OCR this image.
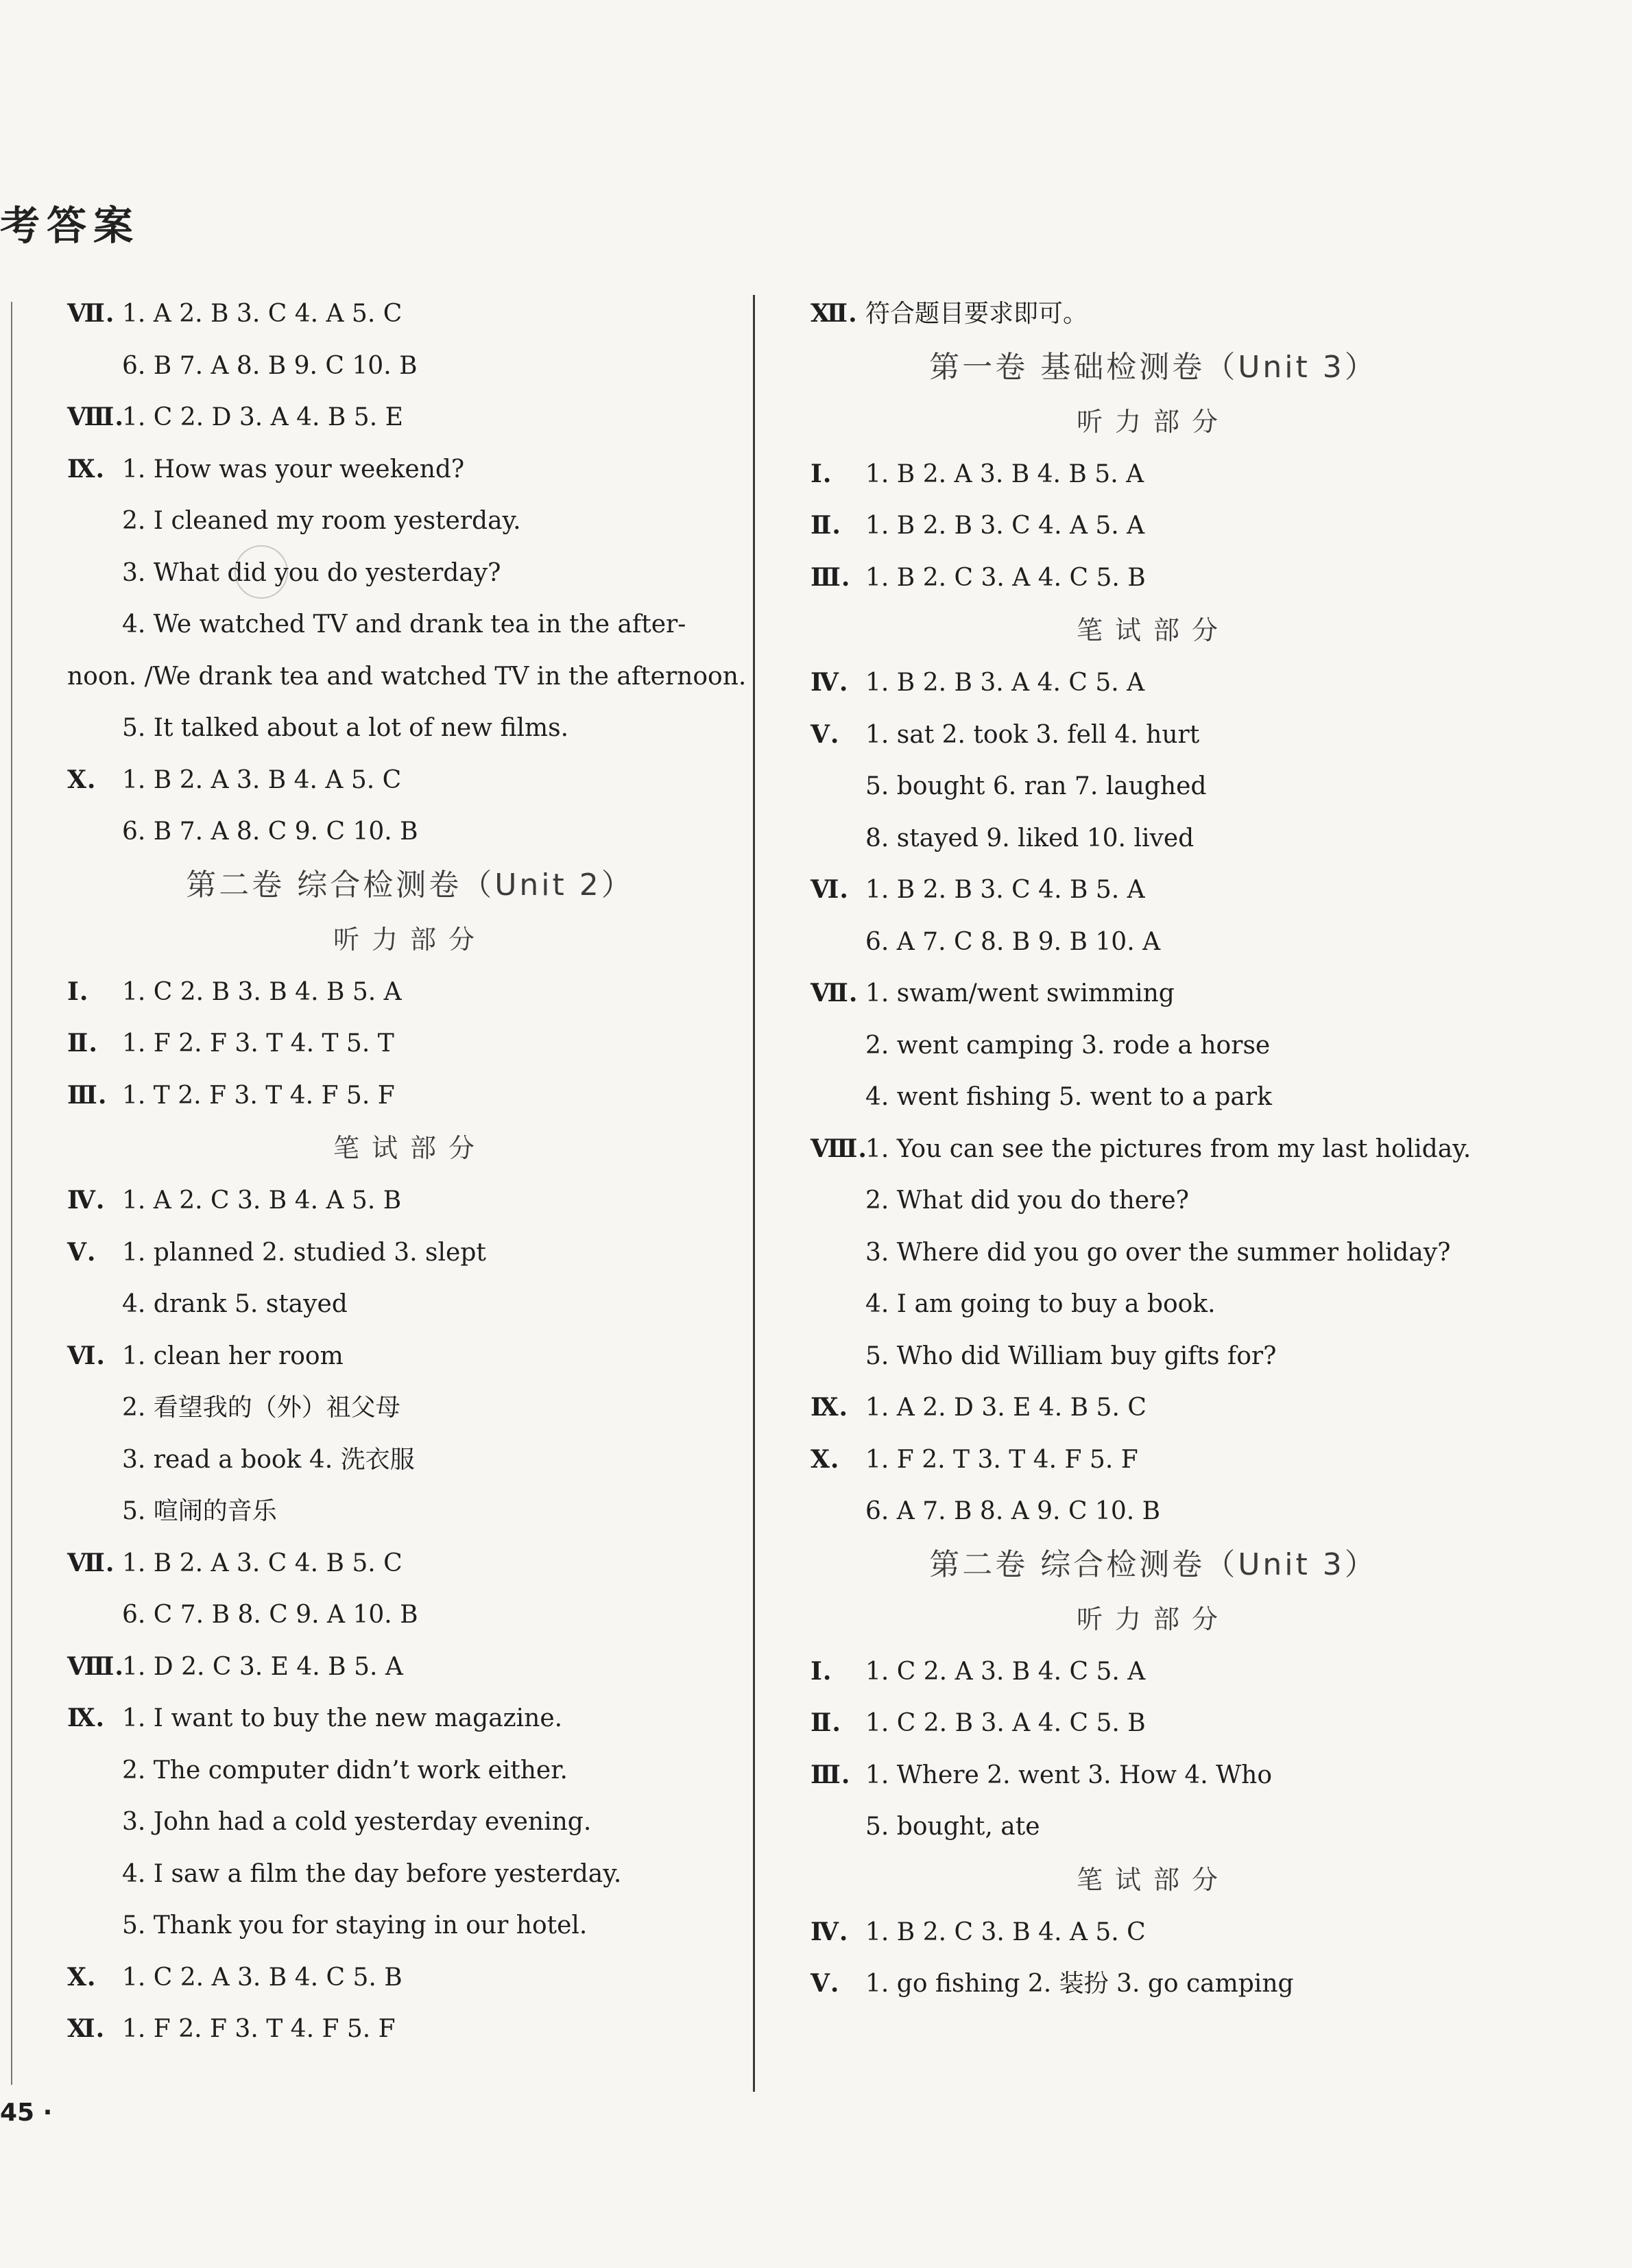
考答案
Ⅶ. 1. A 2. B 3. C 4. A 5. C
6. B 7. A 8. B 9. C 10. B
Ⅷ.
1. C 2. D 3. A 4. B 5. E
Ⅸ. 1. How was your weekend?
2. I cleaned my room yesterday.
3. What did you do yesterday?
4. We watched TV and drank tea in the after-
noon. /We drank tea and watched TV in the afternoon.
5. It talked about a lot of new films.
Ⅹ. 1. B 2. A 3. B 4. A 5. C
6. B 7. A 8. C 9. C 10. B
第二卷 综合检测卷（Unit 2）
听力部分
Ⅰ. 1. C 2. B 3. B 4. B 5. A
Ⅱ. 1. F 2. F 3. T 4. T 5. T
Ⅲ. 1. T 2. F 3. T 4. F 5. F
笔试部分
Ⅳ. 1. A 2. C 3. B 4. A 5. B
Ⅴ. 1. planned 2. studied 3. slept
4. drank 5. stayed
Ⅵ. 1. clean her room
2. 看望我的（外）祖父母
3. read a book 4. 洗衣服
5. 喧闹的音乐
Ⅶ. 1. B 2. A 3. C 4. B 5. C
6. C 7. B 8. C 9. A 10. B
Ⅷ.
1. D 2. C 3. E 4. B 5. A
Ⅸ. 1. I want to buy the new magazine.
2. The computer didn’t work either.
3. John had a cold yesterday evening.
4. I saw a film the day before yesterday.
5. Thank you for staying in our hotel.
Ⅹ. 1. C 2. A 3. B 4. C 5. B
Ⅺ. 1. F 2. F 3. T 4. F 5. F
Ⅻ. 符合题目要求即可。
第一卷 基础检测卷（Unit 3）
听力部分
Ⅰ. 1. B 2. A 3. B 4. B 5. A
Ⅱ. 1. B 2. B 3. C 4. A 5. A
Ⅲ. 1. B 2. C 3. A 4. C 5. B
笔试部分
Ⅳ. 1. B 2. B 3. A 4. C 5. A
Ⅴ. 1. sat 2. took 3. fell 4. hurt
5. bought 6. ran 7. laughed
8. stayed 9. liked 10. lived
Ⅵ. 1. B 2. B 3. C 4. B 5. A
6. A 7. C 8. B 9. B 10. A
Ⅶ. 1. swam/went swimming
2. went camping 3. rode a horse
4. went fishing 5. went to a park
Ⅷ.
1. You can see the pictures from my last holiday.
2. What did you do there?
3. Where did you go over the summer holiday?
4. I am going to buy a book.
5. Who did William buy gifts for?
Ⅸ. 1. A 2. D 3. E 4. B 5. C
Ⅹ. 1. F 2. T 3. T 4. F 5. F
6. A 7. B 8. A 9. C 10. B
第二卷 综合检测卷（Unit 3）
听力部分
Ⅰ. 1. C 2. A 3. B 4. C 5. A
Ⅱ. 1. C 2. B 3. A 4. C 5. B
Ⅲ. 1. Where 2. went 3. How 4. Who
5. bought, ate
笔试部分
Ⅳ. 1. B 2. C 3. B 4. A 5. C
Ⅴ. 1. go fishing 2. 装扮 3. go camping
45 ·
